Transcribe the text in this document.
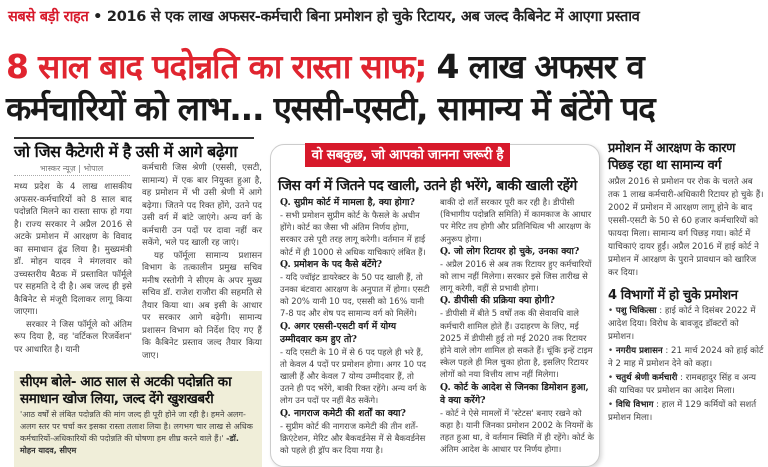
सबसे बड़ी राहत • 2016 से एक लाख अफसर-कर्मचारी बिना प्रमोशन हो चुके रिटायर, अब जल्द कैबिनेट में आएगा प्रस्ताव
8 साल बाद पदोन्नति का रास्ता साफ; 4 लाख अफसर व
कर्मचारियों को लाभ... एससी-एसटी, सामान्य में बंटेंगे पद
जो जिस कैटेगरी में है उसी में आगे बढ़ेगा
भास्कर न्यूज़ | भोपाल

मध्य प्रदेश के 4 लाख शासकीय अफसर-कर्मचारियों को 8 साल बाद पदोन्नति मिलने का रास्ता साफ हो गया है। राज्य सरकार ने अप्रैल 2016 से अटके प्रमोशन में आरक्षण के विवाद का समाधान ढूंढ लिया है। मुख्यमंत्री डॉ. मोहन यादव ने मंगलवार को उच्चस्तरीय बैठक में प्रस्तावित फॉर्मूले पर सहमति दे दी है। अब जल्द ही इसे कैबिनेट से मंजूरी दिलाकर लागू किया जाएगा।

सरकार ने जिस फॉर्मूले को अंतिम रूप दिया है, वह 'वर्टिकल रिजर्वेशन' पर आधारित है। यानी

कर्मचारी जिस श्रेणी (एससी, एसटी, सामान्य) में एक बार नियुक्त हुआ है, वह प्रमोशन में भी उसी श्रेणी में आगे बढ़ेगा। जितने पद रिक्त होंगे, उतने पद उसी वर्ग में बांटे जाएंगे। अन्य वर्ग के कर्मचारी उन पदों पर दावा नहीं कर सकेंगे, भले पद खाली रह जाएं।

यह फॉर्मूला सामान्य प्रशासन विभाग के तत्कालीन प्रमुख सचिव मनीष रस्तोगी ने सीएम के अपर मुख्य सचिव डॉ. राजेश राजौरा की सहमति से तैयार किया था। अब इसी के आधार पर सरकार आगे बढ़ेगी। सामान्य प्रशासन विभाग को निर्देश दिए गए हैं कि कैबिनेट प्रस्ताव जल्द तैयार किया जाए।

सीएम बोले- आठ साल से अटकी पदोन्नति का
समाधान खोज लिया, जल्द देंगे खुशखबरी
'आठ वर्षों से लंबित पदोन्नति की मांग जल्द ही पूरी होने जा रही है। हमने अलग-अलग स्तर पर चर्चा कर इसका रास्ता तलाश लिया है। लगभग चार लाख से अधिक कर्मचारियों-अधिकारियों की पदोन्नति की घोषणा हम शीघ्र करने वाले हैं।' -डॉ. मोहन यादव, सीएम
वो सबकुछ, जो आपको जानना जरूरी है
जिस वर्ग में जितने पद खाली, उतने ही भरेंगे, बाकी खाली रहेंगे
Q. सुप्रीम कोर्ट में मामला है, क्या होगा?
- सभी प्रमोशन सुप्रीम कोर्ट के फैसले के अधीन होंगे। कोर्ट का जैसा भी अंतिम निर्णय होगा, सरकार उसे पूरी तरह लागू करेगी। वर्तमान में हाई कोर्ट में ही 1000 से अधिक याचिकाएं लंबित हैं।
Q. प्रमोशन के पद कैसे बंटेंगे?
- यदि ज्वॉइंट डायरेक्टर के 50 पद खाली हैं, तो उनका बंटवारा आरक्षण के अनुपात में होगा। एसटी को 20% यानी 10 पद, एससी को 16% यानी 7-8 पद और शेष पद सामान्य वर्ग को मिलेंगे।
Q. अगर एससी-एसटी वर्ग में योग्य उम्मीदवार कम हुए तो?
- यदि एसटी के 10 में से 6 पद पहले ही भरे हैं, तो केवल 4 पदों पर प्रमोशन होगा। अगर 10 पद खाली हैं और केवल 7 योग्य उम्मीदवार हैं, तो उतने ही पद भरेंगे, बाकी रिक्त रहेंगे। अन्य वर्ग के लोग उन पदों पर नहीं बैठ सकेंगे।
Q. नागराज कमेटी की शर्तों का क्या?
- सुप्रीम कोर्ट की नागराज कमेटी की तीन शर्तें-क्रिएंटेशन, मेरिट और बैकवर्डनेस में से बैकवर्डनेस को पहले ही ड्रॉप कर दिया गया है।
बाकी दो शर्तें सरकार पूरी कर रही है। डीपीसी (विभागीय पदोन्नति समिति) में कामकाज के आधार पर मेरिट तय होगी और प्रतिनिधित्व भी आरक्षण के अनुरूप होगा।
Q. जो लोग रिटायर हो चुके, उनका क्या?
- अप्रैल 2016 से अब तक रिटायर हुए कर्मचारियों को लाभ नहीं मिलेगा। सरकार इसे जिस तारीख से लागू करेगी, वहीं से प्रभावी होगा।
Q. डीपीसी की प्रक्रिया क्या होगी?
- डीपीसी में बीते 5 वर्षों तक की सेवावधि वाले कर्मचारी शामिल होते हैं। उदाहरण के लिए, मई 2025 में डीपीसी हुई तो मई 2020 तक रिटायर होने वाले लोग शामिल हो सकते हैं। चूंकि इन्हें टाइम स्केल पहले ही मिल चुका होता है, इसलिए रिटायर लोगों को नया वित्तीय लाभ नहीं मिलेगा।
Q. कोर्ट के आदेश से जिनका डिमोशन हुआ, वे क्या करेंगे?
- कोर्ट ने ऐसे मामलों में 'स्टेटस' बनाए रखने को कहा है। यानी जिनका प्रमोशन 2002 के नियमों के तहत हुआ था, वे वर्तमान स्थिति में ही रहेंगे। कोर्ट के अंतिम आदेश के आधार पर निर्णय होगा।
प्रमोशन में आरक्षण के कारण पिछड़ रहा था सामान्य वर्ग
अप्रैल 2016 से प्रमोशन पर रोक के चलते अब तक 1 लाख कर्मचारी-अधिकारी रिटायर हो चुके हैं। 2002 में प्रमोशन में आरक्षण लागू होने के बाद एससी-एसटी के 50 से 60 हजार कर्मचारियों को फायदा मिला। सामान्य वर्ग पिछड़ गया। कोर्ट में याचिकाएं दायर हुईं। अप्रैल 2016 में हाई कोर्ट ने प्रमोशन में आरक्षण के पुराने प्रावधान को खारिज कर दिया।
4 विभागों में हो चुके प्रमोशन
• पशु चिकित्सा : हाई कोर्ट ने दिसंबर 2022 में आदेश दिया। विरोध के बावजूद डॉक्टरों को प्रमोशन।
• नगरीय प्रशासन : 21 मार्च 2024 को हाई कोर्ट ने 2 माह में प्रमोशन देने को कहा।
• चतुर्थ श्रेणी कर्मचारी : रामबहादुर सिंह व अन्य की याचिका पर प्रमोशन का आदेश मिला।
• विधि विभाग : हाल में 129 कर्मियों को सशर्त प्रमोशन मिला।
